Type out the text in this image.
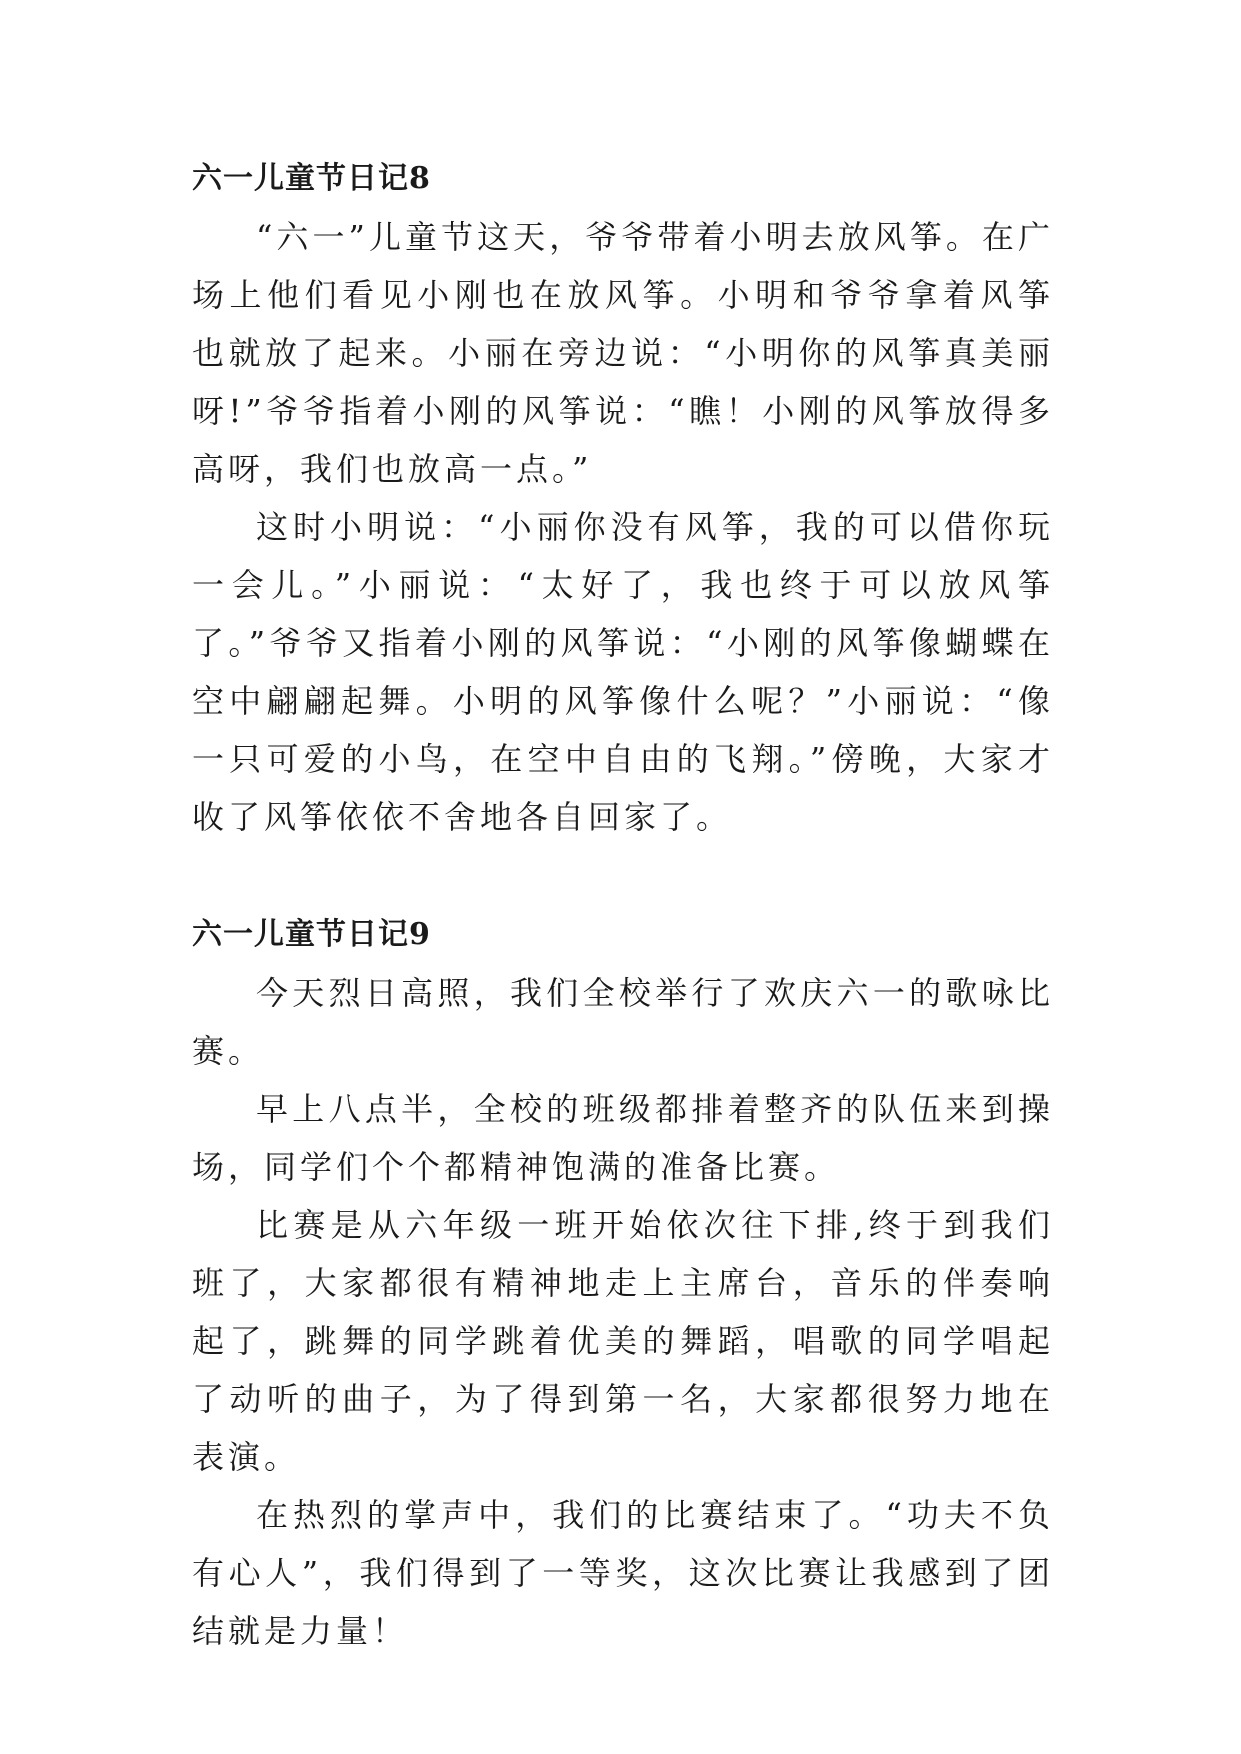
六一儿童节日记8

“六一”儿童节这天，爷爷带着小明去放风筝。在广场上他们看见小刚也在放风筝。小明和爷爷拿着风筝也就放了起来。小丽在旁边说：“小明你的风筝真美丽呀!”爷爷指着小刚的风筝说：“瞧！小刚的风筝放得多高呀，我们也放高一点。”

这时小明说：“小丽你没有风筝，我的可以借你玩一会儿。”小丽说：“太好了，我也终于可以放风筝了。”爷爷又指着小刚的风筝说：“小刚的风筝像蝴蝶在空中翩翩起舞。小明的风筝像什么呢？”小丽说：“像一只可爱的小鸟，在空中自由的飞翔。”傍晚，大家才收了风筝依依不舍地各自回家了。

六一儿童节日记9

今天烈日高照，我们全校举行了欢庆六一的歌咏比赛。

早上八点半，全校的班级都排着整齐的队伍来到操场，同学们个个都精神饱满的准备比赛。

比赛是从六年级一班开始依次往下排,终于到我们班了，大家都很有精神地走上主席台，音乐的伴奏响起了，跳舞的同学跳着优美的舞蹈，唱歌的同学唱起了动听的曲子，为了得到第一名，大家都很努力地在表演。

在热烈的掌声中，我们的比赛结束了。“功夫不负有心人”，我们得到了一等奖，这次比赛让我感到了团结就是力量！
